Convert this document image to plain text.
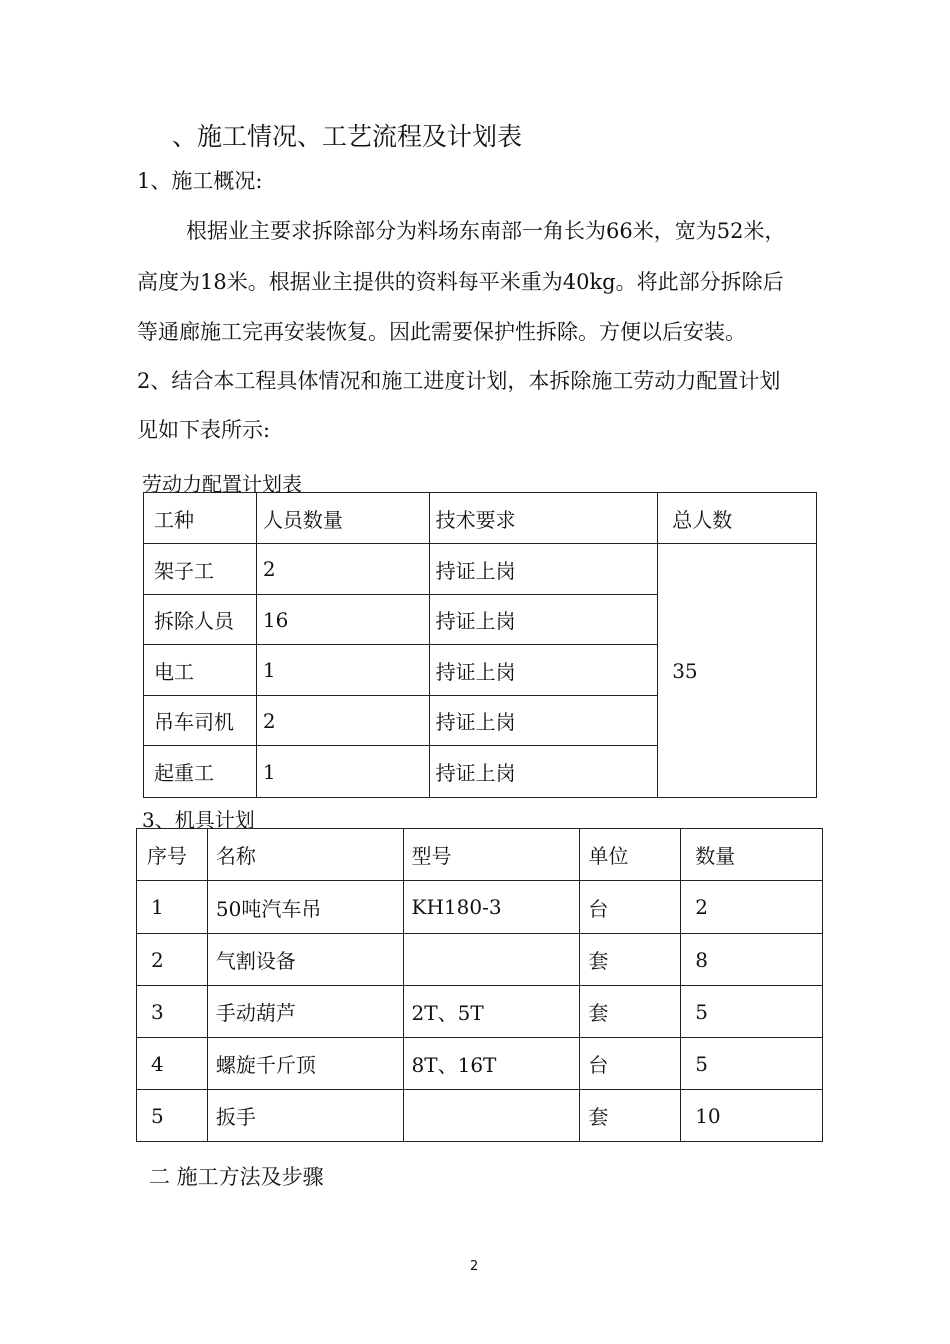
、施工情况、工艺流程及计划表
1、施工概况:
根据业主要求拆除部分为料场东南部一角长为66米，宽为52米，
高度为18米。根据业主提供的资料每平米重为40kg。将此部分拆除后
等通廊施工完再安装恢复。因此需要保护性拆除。方便以后安装。
2、结合本工程具体情况和施工进度计划，本拆除施工劳动力配置计划
见如下表所示:
劳动力配置计划表
工种	人员数量	技术要求	总人数
架子工	2	持证上岗	35
拆除人员	16	持证上岗	
电工	1	持证上岗	
吊车司机	2	持证上岗	
起重工	1	持证上岗	
3、机具计划
序号	名称	型号	单位	数量
1	50吨汽车吊	KH180-3	台	2
2	气割设备		套	8
3	手动葫芦	2T、5T	套	5
4	螺旋千斤顶	8T、16T	台	5
5	扳手		套	10
二 施工方法及步骤
2
